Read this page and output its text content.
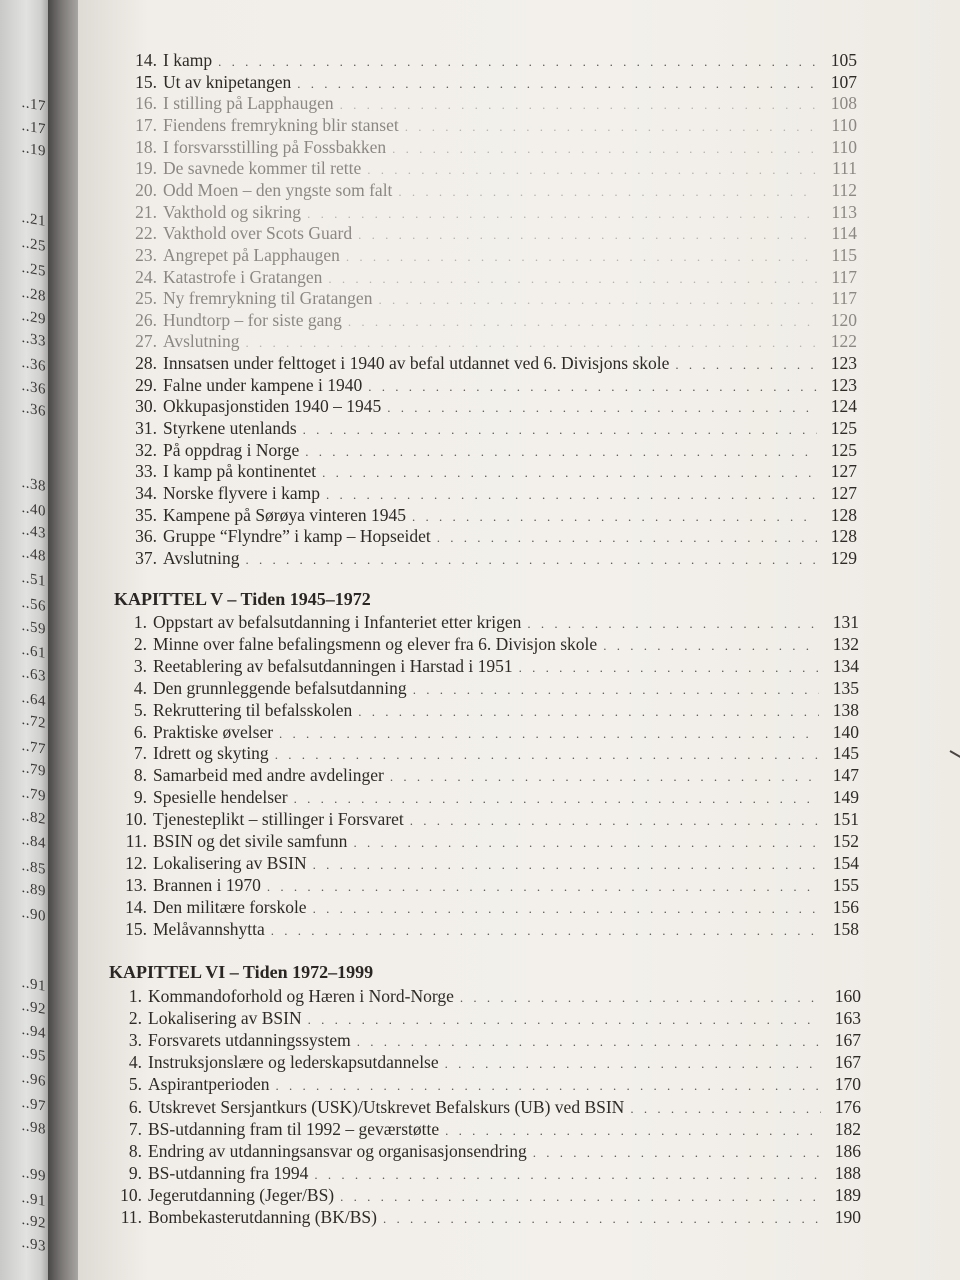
..17
..17
..19
..21
..25
..25
..28
..29
..33
..36
..36
..36
..38
..40
..43
..48
..51
..56
..59
..61
..63
..64
..72
..77
..79
..79
..82
..84
..85
..89
..90
..91
..92
..94
..95
..96
..97
..98
..99
..91
..92
..93
14. I kamp . . .	105
15. Ut av knipetangen . . .	107
16. I stilling på Lapphaugen . . .	108
17. Fiendens fremrykning blir stanset . . .	110
18. I forsvarsstilling på Fossbakken . . .	110
19. De savnede kommer til rette . . .	111
20. Odd Moen – den yngste som falt . . .	112
21. Vakthold og sikring . . .	113
22. Vakthold over Scots Guard . . .	114
23. Angrepet på Lapphaugen . . .	115
24. Katastrofe i Gratangen . . .	117
25. Ny fremrykning til Gratangen . . .	117
26. Hundtorp – for siste gang . . .	120
27. Avslutning . . .	122
28. Innsatsen under felttoget i 1940 av befal utdannet ved 6. Divisjons skole . . .	123
29. Falne under kampene i 1940 . . .	123
30. Okkupasjonstiden 1940 – 1945 . . .	124
31. Styrkene utenlands . . .	125
32. På oppdrag i Norge . . .	125
33. I kamp på kontinentet . . .	127
34. Norske flyvere i kamp . . .	127
35. Kampene på Sørøya vinteren 1945 . . .	128
36. Gruppe “Flyndre” i kamp – Hopseidet . . .	128
37. Avslutning . . .	129
KAPITTEL V – Tiden 1945–1972
1. Oppstart av befalsutdanning i Infanteriet etter krigen . . .	131
2. Minne over falne befalingsmenn og elever fra 6. Divisjon skole . . .	132
3. Reetablering av befalsutdanningen i Harstad i 1951 . . .	134
4. Den grunnleggende befalsutdanning . . .	135
5. Rekruttering til befalsskolen . . .	138
6. Praktiske øvelser . . .	140
7. Idrett og skyting . . .	145
8. Samarbeid med andre avdelinger . . .	147
9. Spesielle hendelser . . .	149
10. Tjenesteplikt – stillinger i Forsvaret . . .	151
11. BSIN og det sivile samfunn . . .	152
12. Lokalisering av BSIN . . .	154
13. Brannen i 1970 . . .	155
14. Den militære forskole . . .	156
15. Melåvannshytta . . .	158
KAPITTEL VI – Tiden 1972–1999
1. Kommandoforhold og Hæren i Nord-Norge . . .	160
2. Lokalisering av BSIN . . .	163
3. Forsvarets utdanningssystem . . .	167
4. Instruksjonslære og lederskapsutdannelse . . .	167
5. Aspirantperioden . . .	170
6. Utskrevet Sersjantkurs (USK)/Utskrevet Befalskurs (UB) ved BSIN . . .	176
7. BS-utdanning fram til 1992 – geværstøtte . . .	182
8. Endring av utdanningsansvar og organisasjonsendring . . .	186
9. BS-utdanning fra 1994 . . .	188
10. Jegerutdanning (Jeger/BS) . . .	189
11. Bombekasterutdanning (BK/BS) . . .	190
